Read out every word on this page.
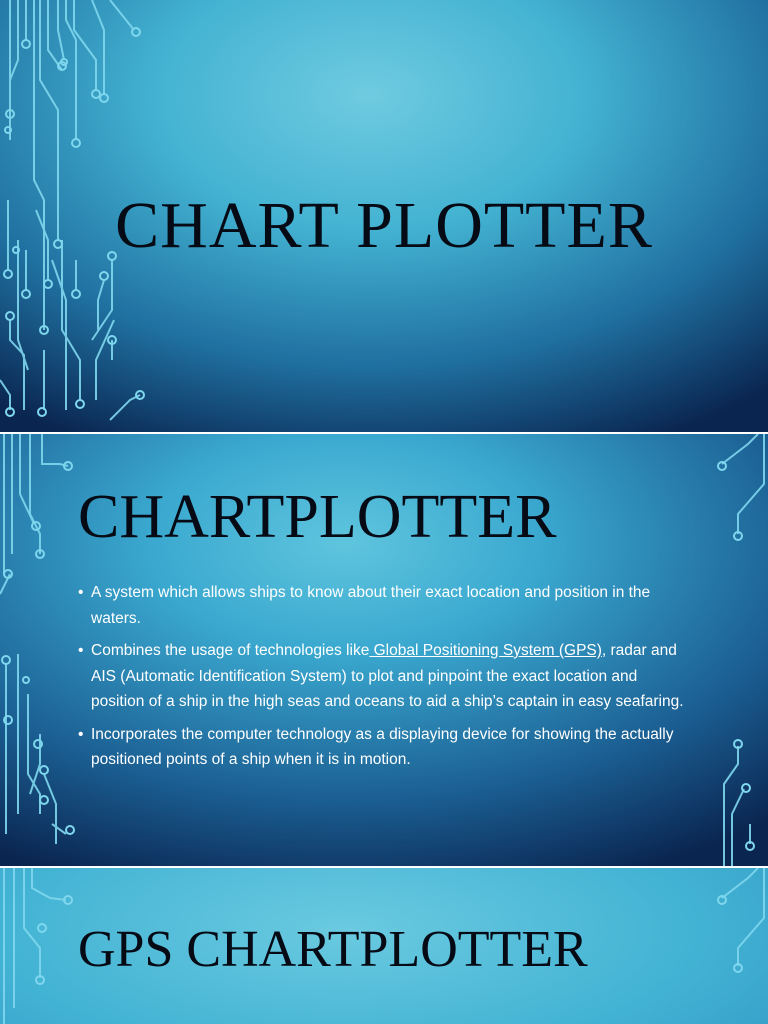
CHART PLOTTER
CHARTPLOTTER
• A system which allows ships to know about their exact location and position in the waters.
• Combines the usage of technologies like Global Positioning System (GPS), radar and AIS (Automatic Identification System) to plot and pinpoint the exact location and position of a ship in the high seas and oceans to aid a ship’s captain in easy seafaring.
• Incorporates the computer technology as a displaying device for showing the actually positioned points of a ship when it is in motion.
GPS CHARTPLOTTER
